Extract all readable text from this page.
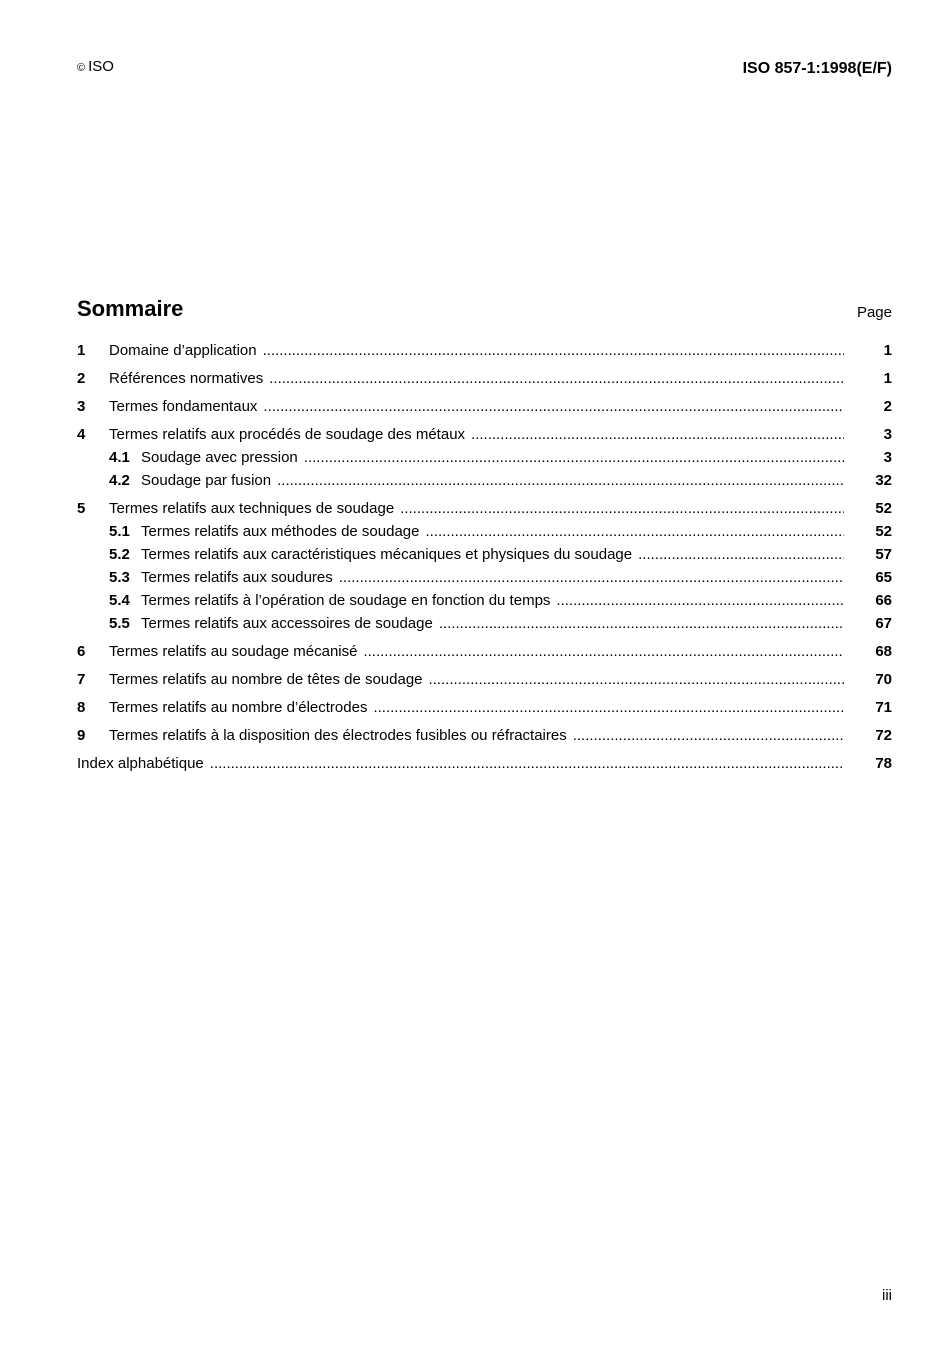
© ISO	ISO 857-1:1998(E/F)
Sommaire	Page
1	Domaine d’application .....	1
2	Références normatives .....	1
3	Termes fondamentaux .....	2
4	Termes relatifs aux procédés de soudage des métaux .....	3
4.1 Soudage avec pression .....	3
4.2 Soudage par fusion .....	32
5	Termes relatifs aux techniques de soudage .....	52
5.1 Termes relatifs aux méthodes de soudage .....	52
5.2 Termes relatifs aux caractéristiques mécaniques et physiques du soudage .....	57
5.3 Termes relatifs aux soudures .....	65
5.4 Termes relatifs à l’opération de soudage en fonction du temps .....	66
5.5 Termes relatifs aux accessoires de soudage .....	67
6	Termes relatifs au soudage mécanisé .....	68
7	Termes relatifs au nombre de têtes de soudage .....	70
8	Termes relatifs au nombre d’électrodes .....	71
9	Termes relatifs à la disposition des électrodes fusibles ou réfractaires .....	72
Index alphabétique .....	78
iii
